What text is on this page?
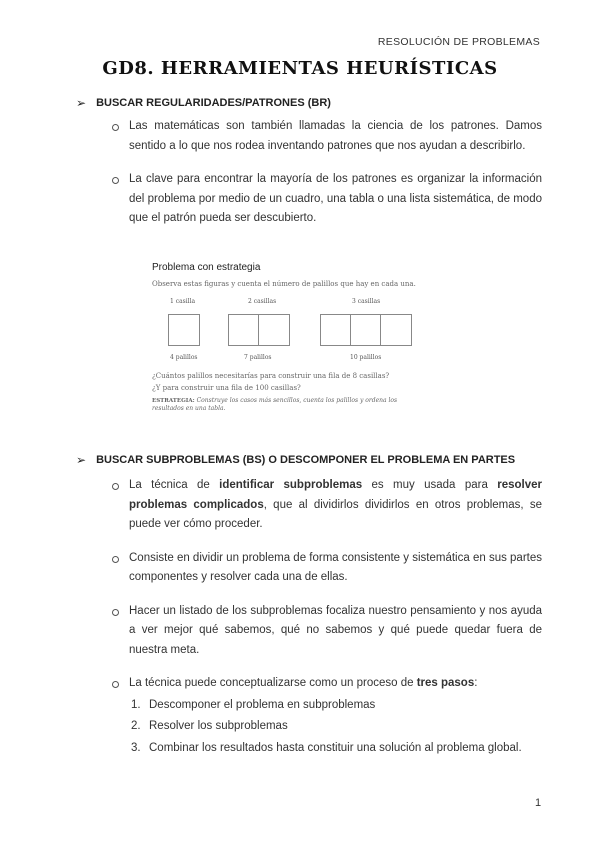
RESOLUCIÓN DE PROBLEMAS
GD8. HERRAMIENTAS HEURÍSTICAS
➢ BUSCAR REGULARIDADES/PATRONES (BR)
Las matemáticas son también llamadas la ciencia de los patrones. Damos sentido a lo que nos rodea inventando patrones que nos ayudan a describirlo.
La clave para encontrar la mayoría de los patrones es organizar la información del problema por medio de un cuadro, una tabla o una lista sistemática, de modo que el patrón pueda ser descubierto.
Problema con estrategia
Observa estas figuras y cuenta el número de palillos que hay en cada una.
1 casilla	2 casillas	3 casillas
4 palillos	7 palillos	10 palillos
¿Cuántos palillos necesitarías para construir una fila de 8 casillas?
¿Y para construir una fila de 100 casillas?
ESTRATEGIA: Construye los casos más sencillos, cuenta los palillos y ordena los resultados en una tabla.
➢ BUSCAR SUBPROBLEMAS (BS) O DESCOMPONER EL PROBLEMA EN PARTES
La técnica de identificar subproblemas es muy usada para resolver problemas complicados, que al dividirlos dividirlos en otros problemas, se puede ver cómo proceder.
Consiste en dividir un problema de forma consistente y sistemática en sus partes componentes y resolver cada una de ellas.
Hacer un listado de los subproblemas focaliza nuestro pensamiento y nos ayuda a ver mejor qué sabemos, qué no sabemos y qué puede quedar fuera de nuestra meta.
La técnica puede conceptualizarse como un proceso de tres pasos:
1. Descomponer el problema en subproblemas
2. Resolver los subproblemas
3. Combinar los resultados hasta constituir una solución al problema global.
1
